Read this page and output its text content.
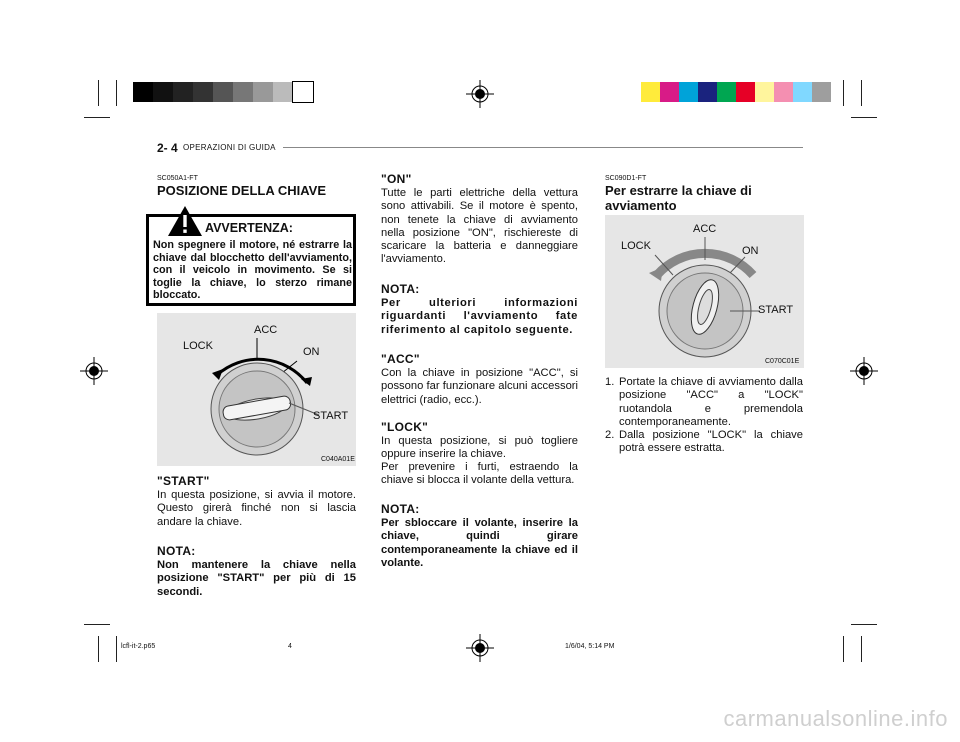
2- 4 OPERAZIONI DI GUIDA
SC050A1-FT
POSIZIONE DELLA CHIAVE
AVVERTENZA:
Non spegnere il motore, né estrarre la chiave dal blocchetto dell'avviamento, con il veicolo in movimento. Se si toglie la chiave, lo sterzo rimane bloccato.
LOCK
ACC
ON
START
C040A01E
"START"
In questa posizione, si avvia il motore. Questo girerà finché non si lascia andare la chiave.
NOTA:
Non mantenere la chiave nella posizione "START" per più di 15 secondi.
"ON"
Tutte le parti elettriche della vettura sono attivabili. Se il motore è spento, non tenete la chiave di avviamento nella posizione "ON", rischiereste di scaricare la batteria e danneggiare l'avviamento.
NOTA:
Per ulteriori informazioni riguardanti l'avviamento fate riferimento al capitolo seguente.
"ACC"
Con la chiave in posizione "ACC", si possono far funzionare alcuni accessori elettrici (radio, ecc.).
"LOCK"
In questa posizione, si può togliere oppure inserire la chiave.
Per prevenire i furti, estraendo la chiave si blocca il volante della vettura.
NOTA:
Per sbloccare il volante, inserire la chiave, quindi girare contemporaneamente la chiave ed il volante.
SC090D1-FT
Per estrarre la chiave di avviamento
LOCK
ACC
ON
START
C070C01E
1. Portate la chiave di avviamento dalla posizione "ACC" a "LOCK" ruotandola e premendola contemporaneamente.
2. Dalla posizione "LOCK" la chiave potrà essere estratta.
lcfl-it-2.p65	4	1/6/04, 5:14 PM
carmanualsonline.info
